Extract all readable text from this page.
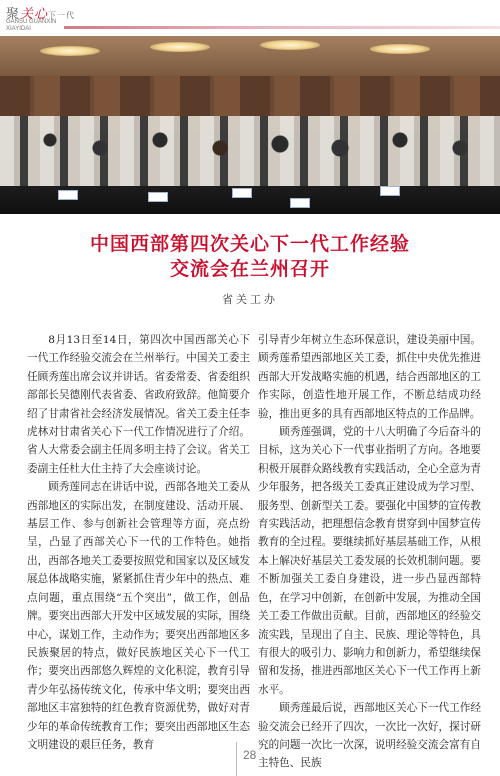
聚关心下一代
GANSU GUANXIN
XIAYIDAI
中国西部第四次关心下一代工作经验
交流会在兰州召开
省关工办

8月13日至14日，第四次中国西部关心下一代工作经验交流会在兰州举行。中国关工委主任顾秀莲出席会议并讲话。省委常委、省委组织部部长吴德刚代表省委、省政府致辞。他简要介绍了甘肃省社会经济发展情况。省关工委主任李虎林对甘肃省关心下一代工作情况进行了介绍。省人大常委会副主任周多明主持了会议。省关工委副主任杜大仕主持了大会座谈讨论。

顾秀莲同志在讲话中说，西部各地关工委从西部地区的实际出发，在制度建设、活动开展、基层工作、参与创新社会管理等方面，亮点纷呈，凸显了西部关心下一代的工作特色。她指出，西部各地关工委要按照党和国家以及区域发展总体战略实施，紧紧抓住青少年中的热点、难点问题，重点围绕“五个突出”，做工作，创品牌。要突出西部大开发中区域发展的实际，围绕中心，谋划工作，主动作为；要突出西部地区多民族聚居的特点，做好民族地区关心下一代工作；要突出西部悠久辉煌的文化积淀，教育引导青少年弘扬传统文化，传承中华文明；要突出西部地区丰富独特的红色教育资源优势，做好对青少年的革命传统教育工作；要突出西部地区生态文明建设的艰巨任务，教育

引导青少年树立生态环保意识，建设美丽中国。顾秀莲希望西部地区关工委，抓住中央优先推进西部大开发战略实施的机遇，结合西部地区的工作实际，创造性地开展工作，不断总结成功经验，推出更多的具有西部地区特点的工作品牌。

顾秀莲强调，党的十八大明确了今后奋斗的目标，这为关心下一代事业指明了方向。各地要积极开展群众路线教育实践活动，全心全意为青少年服务，把各级关工委真正建设成为学习型、服务型、创新型关工委。要强化中国梦的宣传教育实践活动，把理想信念教育贯穿到中国梦宣传教育的全过程。要继续抓好基层基础工作，从根本上解决好基层关工委发展的长效机制问题。要不断加强关工委自身建设，进一步凸显西部特色，在学习中创新，在创新中发展，为推动全国关工委工作做出贡献。目前，西部地区的经验交流实践，呈现出了自主、民族、理论等特色，具有很大的吸引力、影响力和创新力，希望继续保留和发扬，推进西部地区关心下一代工作再上新水平。

顾秀莲最后说，西部地区关心下一代工作经验交流会已经开了四次，一次比一次好，探讨研究的问题一次比一次深，说明经验交流会富有自主特色、民族

28
